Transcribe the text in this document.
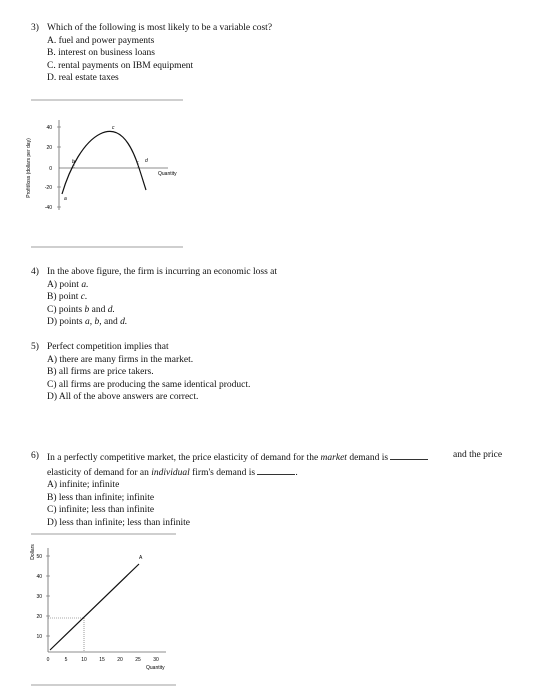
3) Which of the following is most likely to be a variable cost?
A. fuel and power payments
B. interest on business loans
C. rental payments on IBM equipment
D. real estate taxes
Profit/loss (dollars per day)
40
20
0
-20
-40
a
b
c
d
Quantity
4) In the above figure, the firm is incurring an economic loss at
A) point a.
B) point c.
C) points b and d.
D) points a, b, and d.
5) Perfect competition implies that
A) there are many firms in the market.
B) all firms are price takers.
C) all firms are producing the same identical product.
D) All of the above answers are correct.
6) In a perfectly competitive market, the price elasticity of demand for the market demand is
elasticity of demand for an individual firm's demand is	.
A) infinite; infinite
B) less than infinite; infinite
C) infinite; less than infinite
D) less than infinite; less than infinite
and the price
Dollars 50
40
30
20
10
0	5	10 15 20 25 30
Quantity
A
